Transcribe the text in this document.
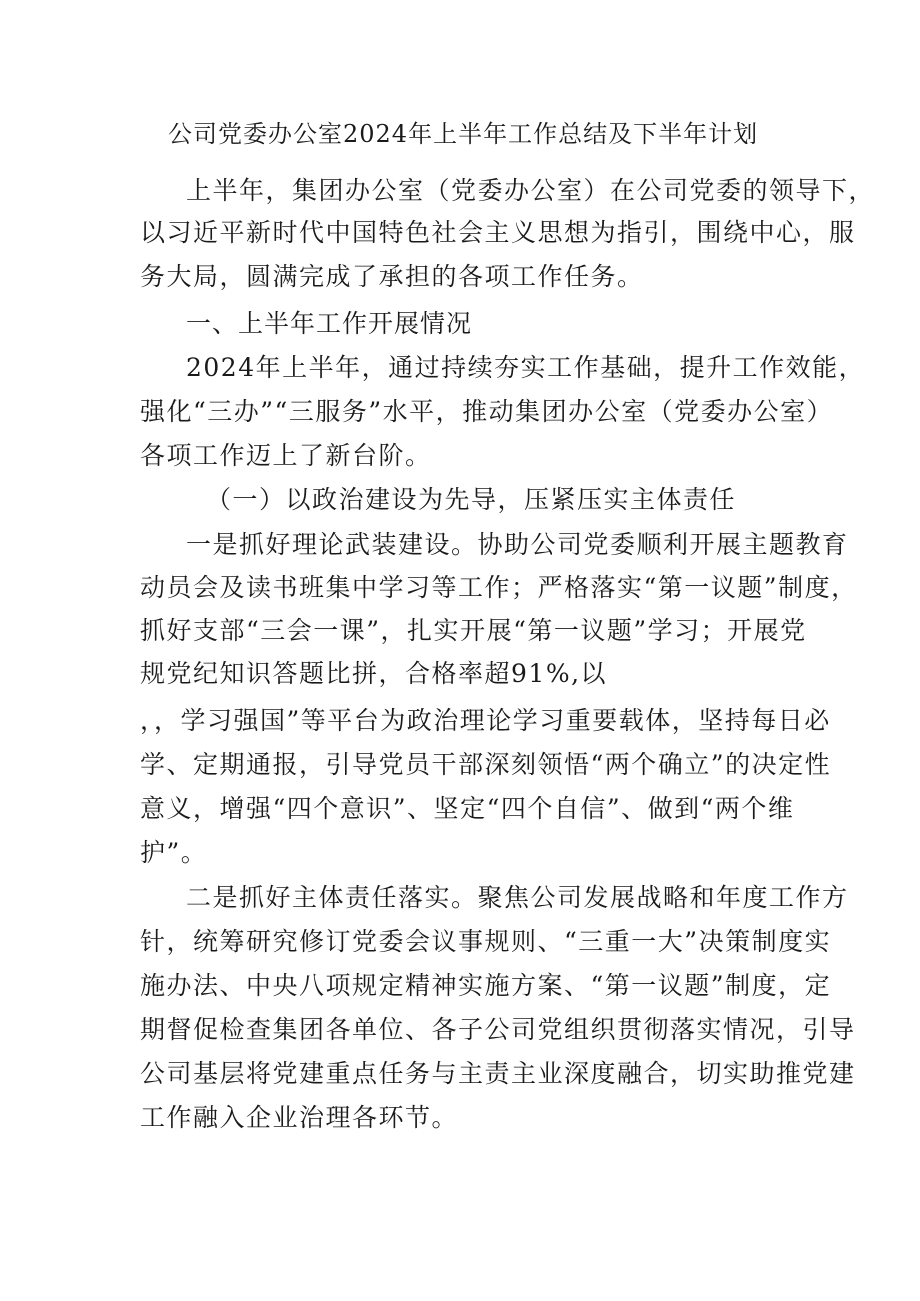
公司党委办公室2024年上半年工作总结及下半年计划
上半年，集团办公室（党委办公室）在公司党委的领导下，
以习近平新时代中国特色社会主义思想为指引，围绕中心，服
务大局，圆满完成了承担的各项工作任务。
一、上半年工作开展情况
2024年上半年，通过持续夯实工作基础，提升工作效能，
强化“三办”“三服务”水平，推动集团办公室（党委办公室）
各项工作迈上了新台阶。
（一）以政治建设为先导，压紧压实主体责任
一是抓好理论武装建设。协助公司党委顺利开展主题教育
动员会及读书班集中学习等工作；严格落实“第一议题”制度，
抓好支部“三会一课”，扎实开展“第一议题”学习；开展党
规党纪知识答题比拼，合格率超91%,以
，，学习强国”等平台为政治理论学习重要载体，坚持每日必
学、定期通报，引导党员干部深刻领悟“两个确立”的决定性
意义，增强“四个意识”、坚定“四个自信”、做到“两个维
护”。
二是抓好主体责任落实。聚焦公司发展战略和年度工作方
针，统筹研究修订党委会议事规则、“三重一大”决策制度实
施办法、中央八项规定精神实施方案、“第一议题”制度，定
期督促检查集团各单位、各子公司党组织贯彻落实情况，引导
公司基层将党建重点任务与主责主业深度融合，切实助推党建
工作融入企业治理各环节。
